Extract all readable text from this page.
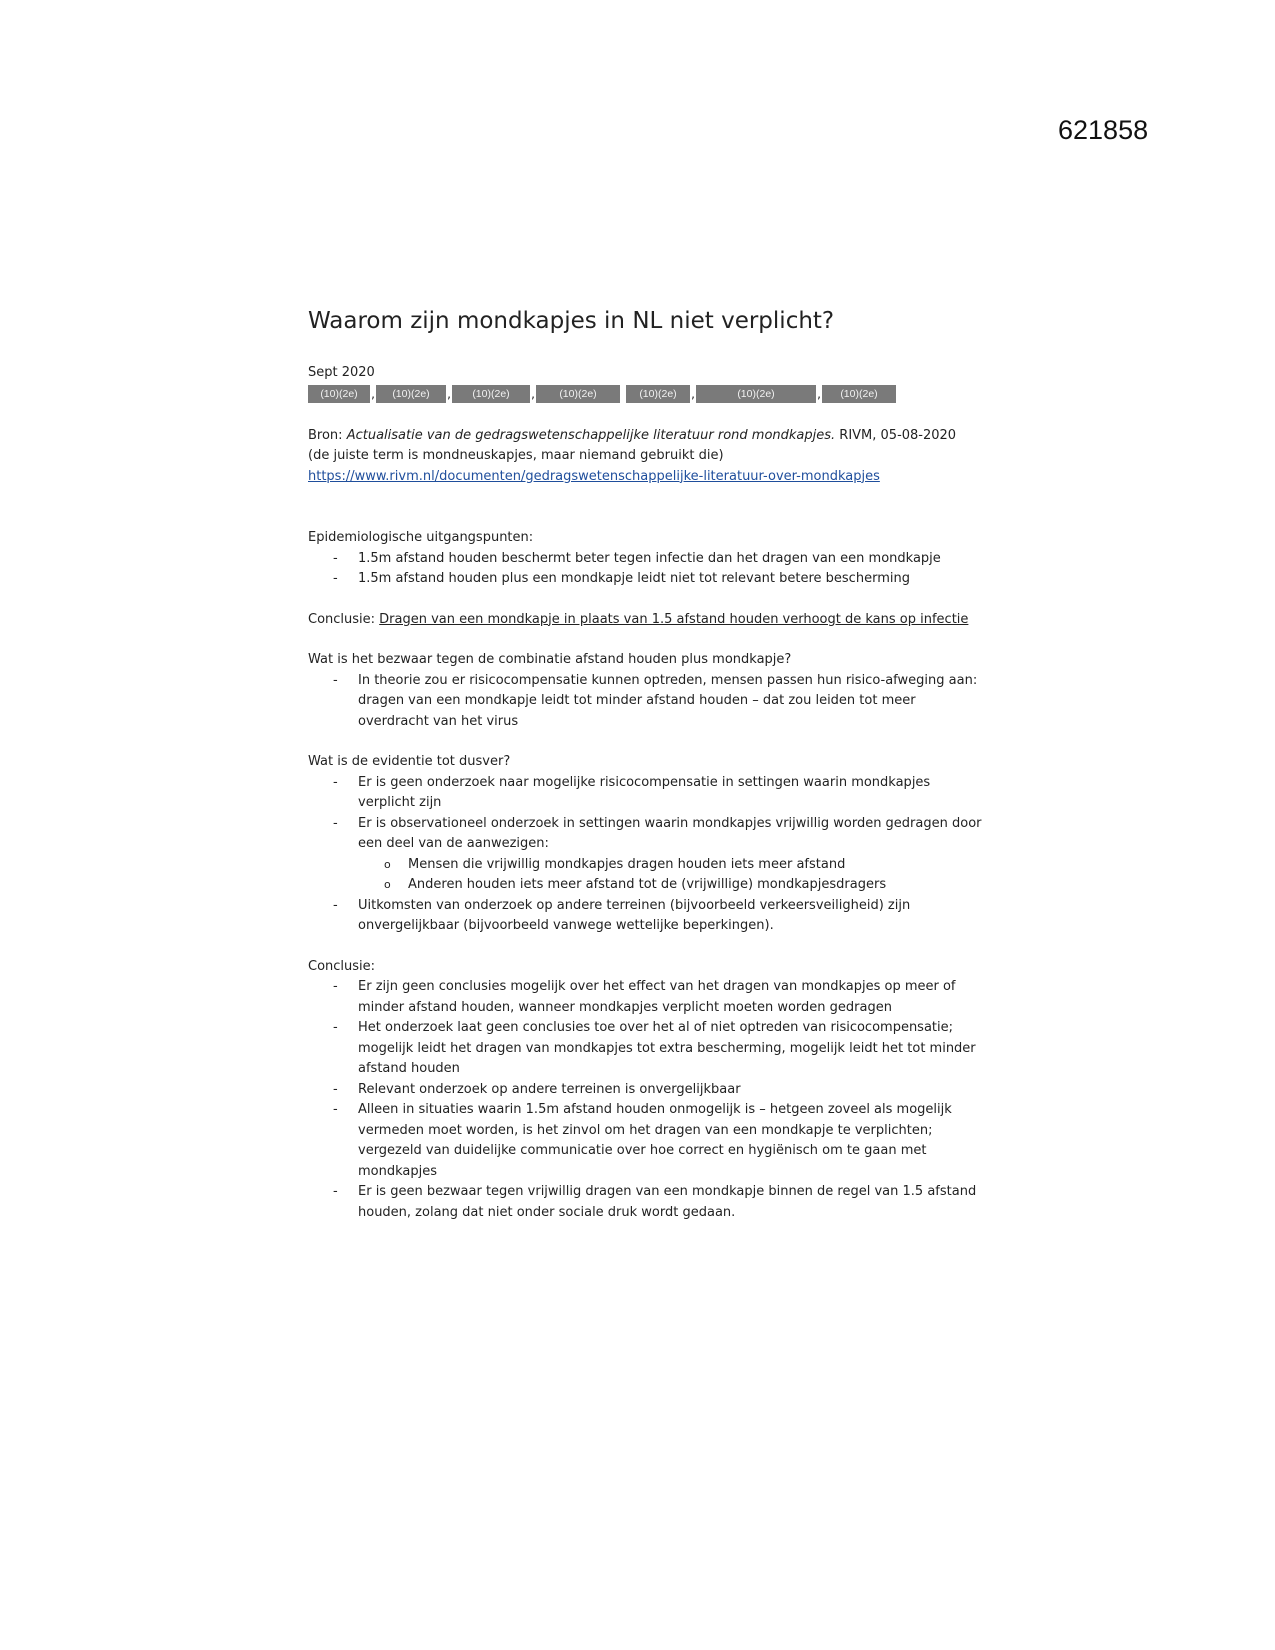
621858
Waarom zijn mondkapjes in NL niet verplicht?

Sept 2020

(10)(2e)	,	(10)(2e)	,	(10)(2e)	,	(10)(2e)	(10)(2e)	,	(10)(2e)	,	(10)(2e)

Bron: Actualisatie van de gedragswetenschappelijke literatuur rond mondkapjes. RIVM, 05-08-2020

(de juiste term is mondneuskapjes, maar niemand gebruikt die)

https://www.rivm.nl/documenten/gedragswetenschappelijke-literatuur-over-mondkapjes

Epidemiologische uitgangspunten:

- 1.5m afstand houden beschermt beter tegen infectie dan het dragen van een mondkapje
- 1.5m afstand houden plus een mondkapje leidt niet tot relevant betere bescherming

Conclusie: Dragen van een mondkapje in plaats van 1.5 afstand houden verhoogt de kans op infectie

Wat is het bezwaar tegen de combinatie afstand houden plus mondkapje?

- In theorie zou er risicocompensatie kunnen optreden, mensen passen hun risico-afweging aan: dragen van een mondkapje leidt tot minder afstand houden – dat zou leiden tot meer overdracht van het virus

Wat is de evidentie tot dusver?

- Er is geen onderzoek naar mogelijke risicocompensatie in settingen waarin mondkapjes verplicht zijn
- Er is observationeel onderzoek in settingen waarin mondkapjes vrijwillig worden gedragen door een deel van de aanwezigen:
o Mensen die vrijwillig mondkapjes dragen houden iets meer afstand
o Anderen houden iets meer afstand tot de (vrijwillige) mondkapjesdragers
- Uitkomsten van onderzoek op andere terreinen (bijvoorbeeld verkeersveiligheid) zijn onvergelijkbaar (bijvoorbeeld vanwege wettelijke beperkingen).

Conclusie:

- Er zijn geen conclusies mogelijk over het effect van het dragen van mondkapjes op meer of minder afstand houden, wanneer mondkapjes verplicht moeten worden gedragen
- Het onderzoek laat geen conclusies toe over het al of niet optreden van risicocompensatie; mogelijk leidt het dragen van mondkapjes tot extra bescherming, mogelijk leidt het tot minder afstand houden
- Relevant onderzoek op andere terreinen is onvergelijkbaar
- Alleen in situaties waarin 1.5m afstand houden onmogelijk is – hetgeen zoveel als mogelijk vermeden moet worden, is het zinvol om het dragen van een mondkapje te verplichten; vergezeld van duidelijke communicatie over hoe correct en hygiënisch om te gaan met mondkapjes
- Er is geen bezwaar tegen vrijwillig dragen van een mondkapje binnen de regel van 1.5 afstand houden, zolang dat niet onder sociale druk wordt gedaan.
